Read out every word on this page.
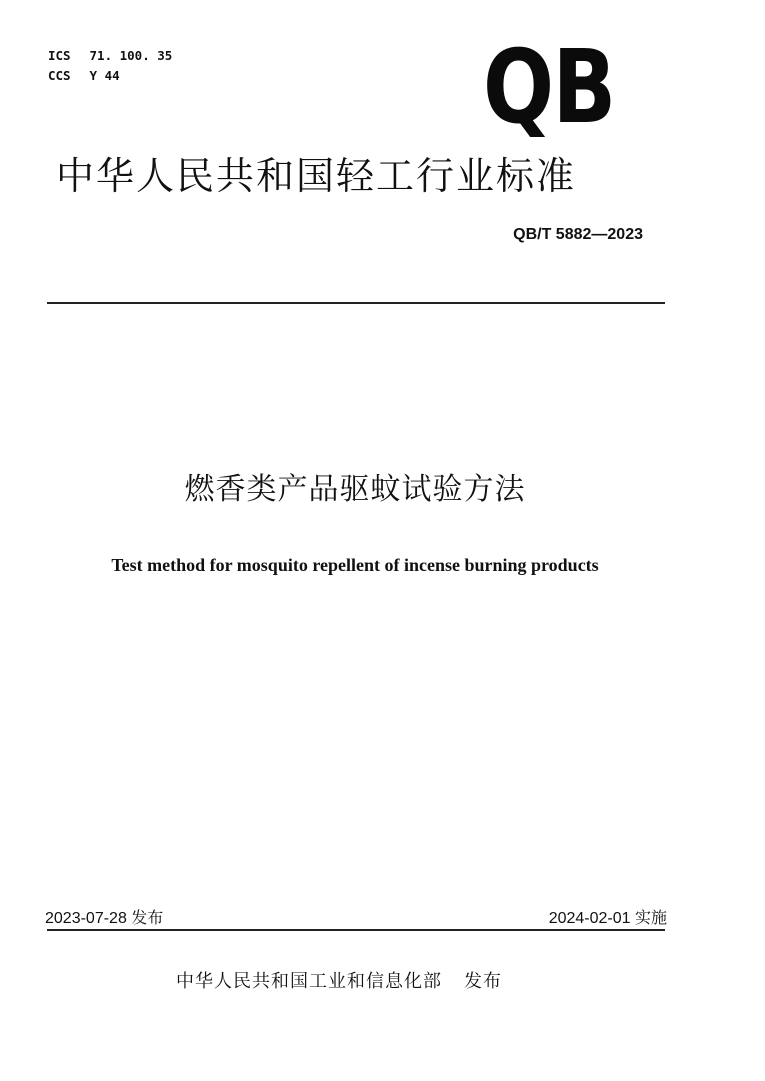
ICS 71. 100. 35
CCS Y 44	QB
中华人民共和国轻工行业标准
QB/T 5882—2023
燃香类产品驱蚊试验方法
Test method for mosquito repellent of incense burning products
2023-07-28 发布	2024-02-01 实施
中华人民共和国工业和信息化部 发布
